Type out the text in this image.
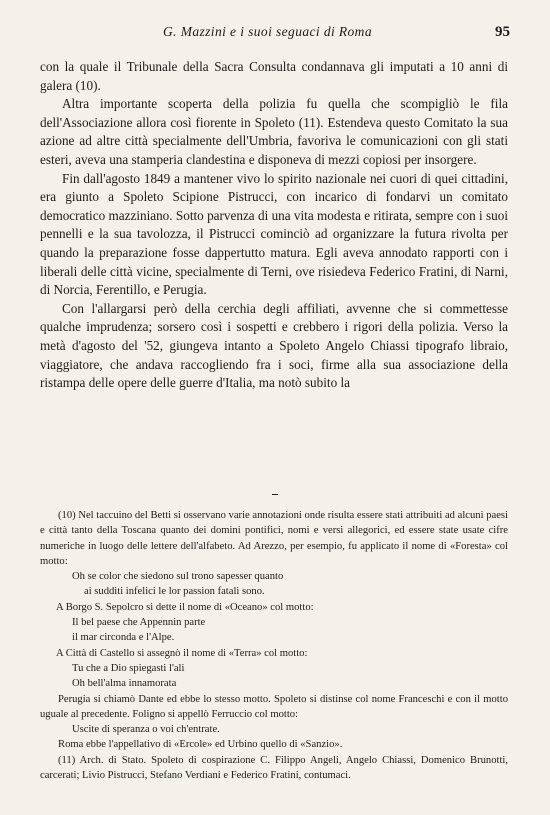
G. Mazzini e i suoi seguaci di Roma	95

con la quale il Tribunale della Sacra Consulta condannava gli imputati a 10 anni di galera (10).

Altra importante scoperta della polizia fu quella che scompigliò le fila dell'Associazione allora così fiorente in Spoleto (11). Estendeva questo Comitato la sua azione ad altre città specialmente dell'Umbria, favoriva le comunicazioni con gli stati esteri, aveva una stamperia clandestina e disponeva di mezzi copiosi per insorgere.

Fin dall'agosto 1849 a mantener vivo lo spirito nazionale nei cuori di quei cittadini, era giunto a Spoleto Scipione Pistrucci, con incarico di fondarvi un comitato democratico mazziniano. Sotto parvenza di una vita modesta e ritirata, sempre con i suoi pennelli e la sua tavolozza, il Pistrucci cominciò ad organizzare la futura rivolta per quando la preparazione fosse dappertutto matura. Egli aveva annodato rapporti con i liberali delle città vicine, specialmente di Terni, ove risiedeva Federico Fratini, di Narni, di Norcia, Ferentillo, e Perugia.

Con l'allargarsi però della cerchia degli affiliati, avvenne che si commettesse qualche imprudenza; sorsero così i sospetti e crebbero i rigori della polizia. Verso la metà d'agosto del '52, giungeva intanto a Spoleto Angelo Chiassi tipografo libraio, viaggiatore, che andava raccogliendo fra i soci, firme alla sua associazione della ristampa delle opere delle guerre d'Italia, ma notò subito la

(10) Nel taccuino del Betti si osservano varie annotazioni onde risulta essere stati attribuiti ad alcuni paesi e città tanto della Toscana quanto dei domini pontifici, nomi e versi allegorici, ed essere state usate cifre numeriche in luogo delle lettere dell'alfabeto. Ad Arezzo, per esempio, fu applicato il nome di «Foresta» col motto:

Oh se color che siedono sul trono sapesser quanto

ai sudditi infelici le lor passion fatali sono.

A Borgo S. Sepolcro si dette il nome di «Oceano» col motto:

Il bel paese che Appennin parte

il mar circonda e l'Alpe.

A Città di Castello si assegnò il nome di «Terra» col motto:

Tu che a Dio spiegasti l'ali

Oh bell'alma innamorata

Perugia si chiamò Dante ed ebbe lo stesso motto. Spoleto si distinse col nome Franceschi e con il motto uguale al precedente. Foligno si appellò Ferruccio col motto:

Uscite di speranza o voi ch'entrate.

Roma ebbe l'appellativo di «Ercole» ed Urbino quello di «Sanzio».

(11) Arch. di Stato. Spoleto di cospirazione C. Filippo Angeli, Angelo Chiassi, Domenico Brunotti, carcerati; Livio Pistrucci, Stefano Verdiani e Federico Fratini, contumaci.
